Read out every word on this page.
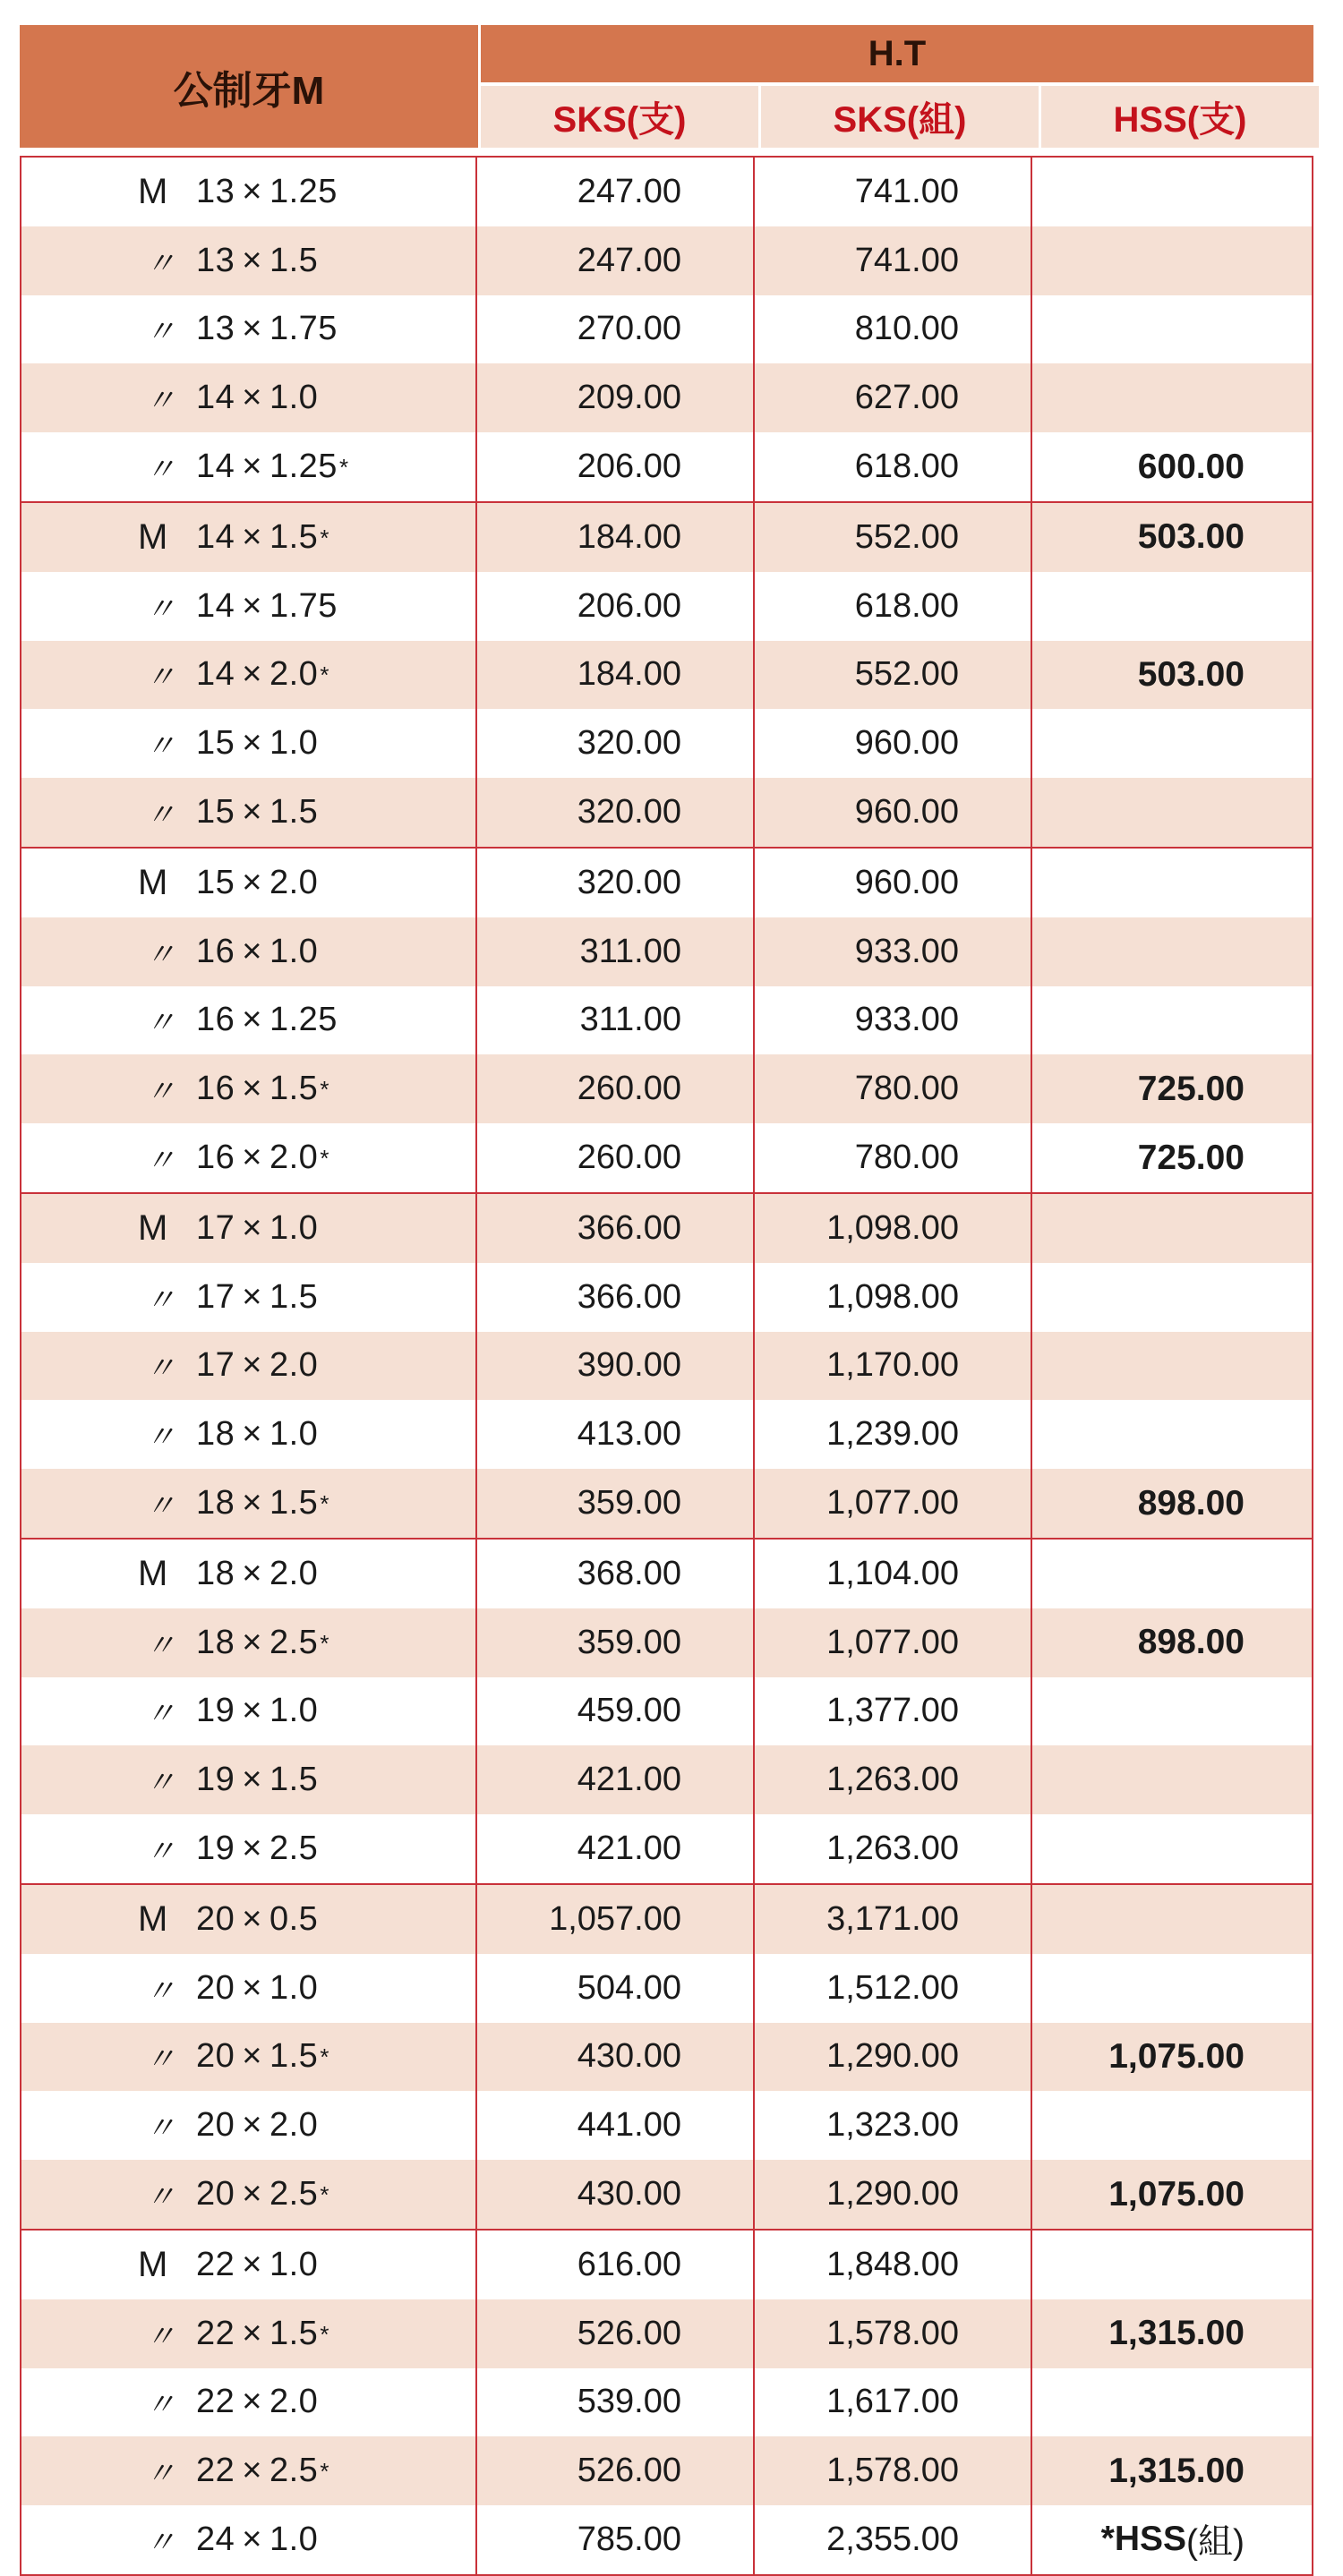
公制牙M
H.T
SKS(支)	SKS(組)	HSS(支)
M 13 × 1.25	247.00	741.00
〃 13 × 1.5	247.00	741.00
〃 13 × 1.75	270.00	810.00
〃 14 × 1.0	209.00	627.00
〃 14 × 1.25*	206.00	618.00	600.00
M 14 × 1.5*	184.00	552.00	503.00
〃 14 × 1.75	206.00	618.00
〃 14 × 2.0*	184.00	552.00	503.00
〃 15 × 1.0	320.00	960.00
〃 15 × 1.5	320.00	960.00
M 15 × 2.0	320.00	960.00
〃 16 × 1.0	311.00	933.00
〃 16 × 1.25	311.00	933.00
〃 16 × 1.5*	260.00	780.00	725.00
〃 16 × 2.0*	260.00	780.00	725.00
M 17 × 1.0	366.00	1,098.00
〃 17 × 1.5	366.00	1,098.00
〃 17 × 2.0	390.00	1,170.00
〃 18 × 1.0	413.00	1,239.00
〃 18 × 1.5*	359.00	1,077.00	898.00
M 18 × 2.0	368.00	1,104.00
〃 18 × 2.5*	359.00	1,077.00	898.00
〃 19 × 1.0	459.00	1,377.00
〃 19 × 1.5	421.00	1,263.00
〃 19 × 2.5	421.00	1,263.00
M 20 × 0.5	1,057.00	3,171.00
〃 20 × 1.0	504.00	1,512.00
〃 20 × 1.5*	430.00	1,290.00	1,075.00
〃 20 × 2.0	441.00	1,323.00
〃 20 × 2.5*	430.00	1,290.00	1,075.00
M 22 × 1.0	616.00	1,848.00
〃 22 × 1.5*	526.00	1,578.00	1,315.00
〃 22 × 2.0	539.00	1,617.00
〃 22 × 2.5*	526.00	1,578.00	1,315.00
〃 24 × 1.0	785.00	2,355.00	*HSS (組)
